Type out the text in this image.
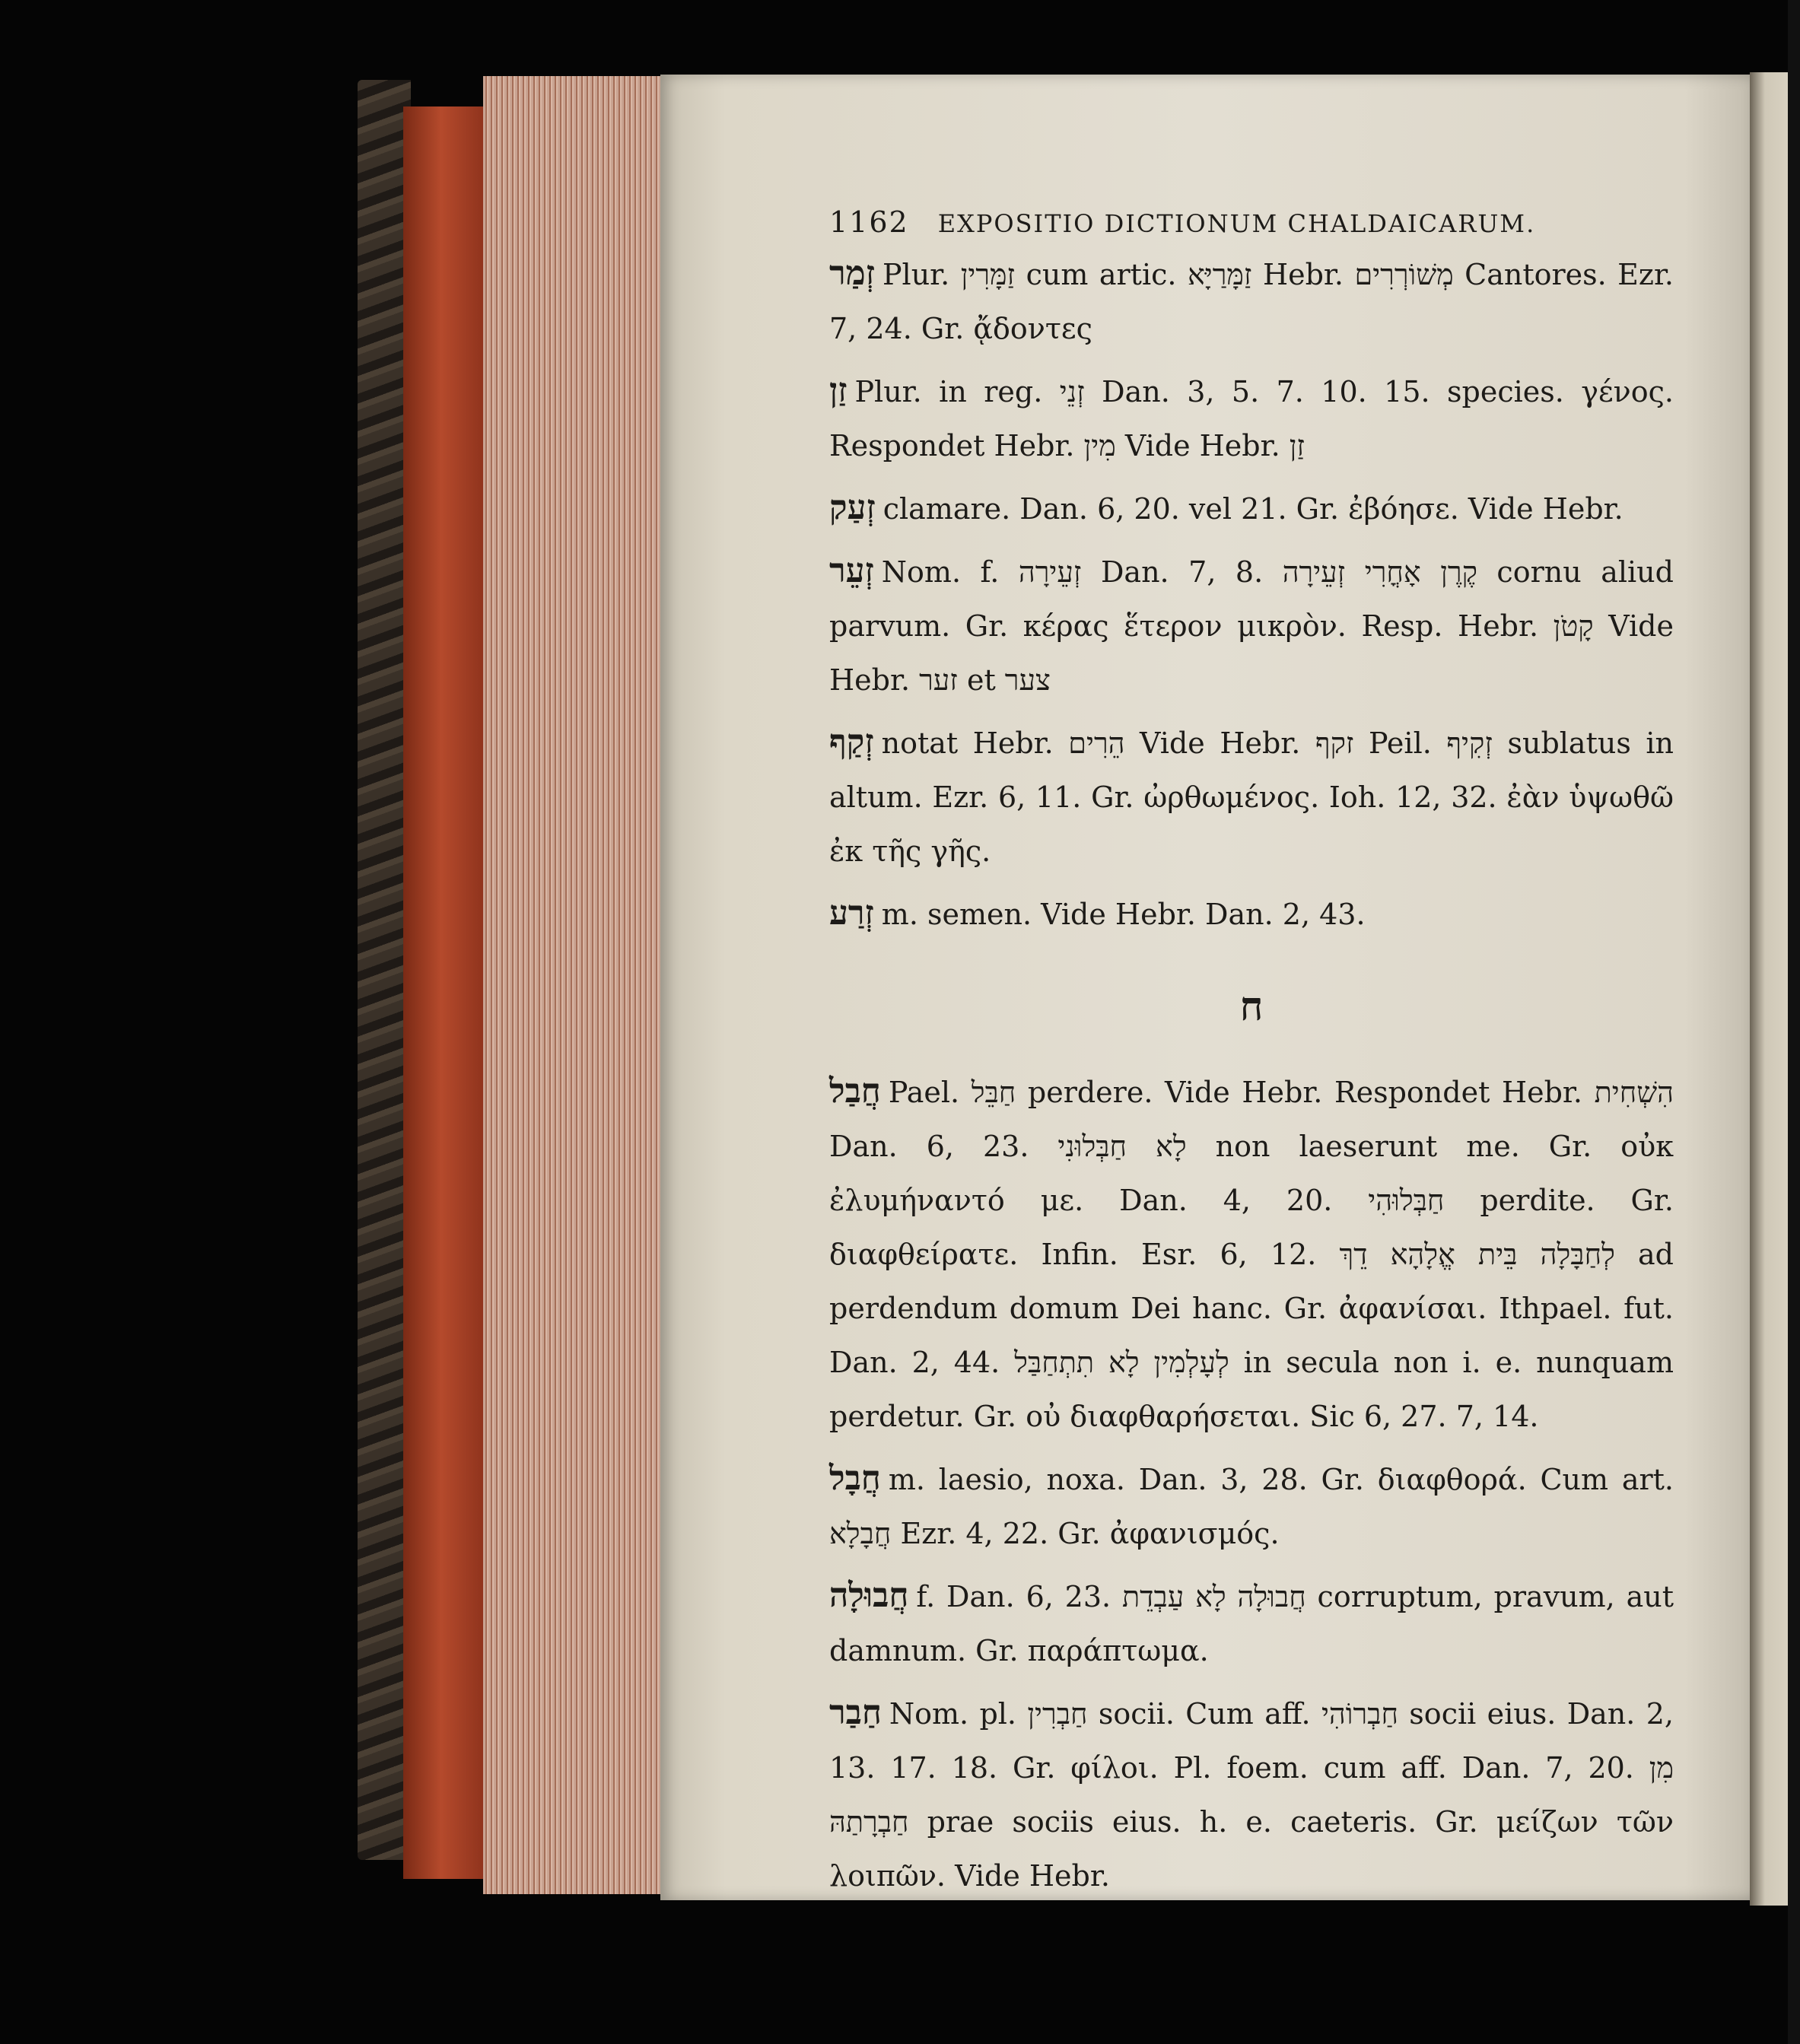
1162 EXPOSITIO DICTIONUM CHALDAICARUM.

זְמַר Plur. זַמָּרִין cum artic. זַמָּרַיָּא Hebr. מְשׁוֹרְרִים Cantores. Ezr. 7, 24. Gr. ᾄδοντες

זַן Plur. in reg. זְנֵי Dan. 3, 5. 7. 10. 15. species. γένος. Respondet Hebr. מִין Vide Hebr. זַן

זְעַק clamare. Dan. 6, 20. vel 21. Gr. ἐβόησε. Vide Hebr.

זְעֵר Nom. f. זְעֵירָה Dan. 7, 8. קֶרֶן אָחֳרִי זְעֵירָה cornu aliud parvum. Gr. κέρας ἕτερον μικρὸν. Resp. Hebr. קָטֹן Vide Hebr. זער et צער

זְקַף notat Hebr. הֵרִים Vide Hebr. זקף Peil. זְקִיף sublatus in altum. Ezr. 6, 11. Gr. ὠρθωμένος. Ioh. 12, 32. ἐὰν ὑψωθῶ ἐκ τῆς γῆς.

זְרַע m. semen. Vide Hebr. Dan. 2, 43.

ח

חֲבַל Pael. חַבֵּל perdere. Vide Hebr. Respondet Hebr. הִשְׁחִית Dan. 6, 23. לָא חַבְּלוּנִי non laeserunt me. Gr. οὐκ ἐλυμήναντό με. Dan. 4, 20. חַבְּלוּהִי perdite. Gr. διαφθείρατε. Infin. Esr. 6, 12. לְחַבָּלָה בֵּית אֱלָהָא דֵךְ ad perdendum domum Dei hanc. Gr. ἀφανίσαι. Ithpael. fut. Dan. 2, 44. לְעָלְמִין לָא תִתְחַבַּל in secula non i. e. nunquam perdetur. Gr. οὐ διαφθαρήσεται. Sic 6, 27. 7, 14.

חֲבָל m. laesio, noxa. Dan. 3, 28. Gr. διαφθορά. Cum art. חֲבָלָא Ezr. 4, 22. Gr. ἀφανισμός.

חֲבוּלָה f. Dan. 6, 23. חֲבוּלָה לָא עַבְדֵת corruptum, pravum, aut damnum. Gr. παράπτωμα.

חַבַר Nom. pl. חַבְרִין socii. Cum aff. חַבְרוֹהִי socii eius. Dan. 2, 13. 17. 18. Gr. φίλοι. Pl. foem. cum aff. Dan. 7, 20. מִן חַבְרָתַהּ prae sociis eius. h. e. caeteris. Gr. μείζων τῶν λοιπῶν. Vide Hebr.
